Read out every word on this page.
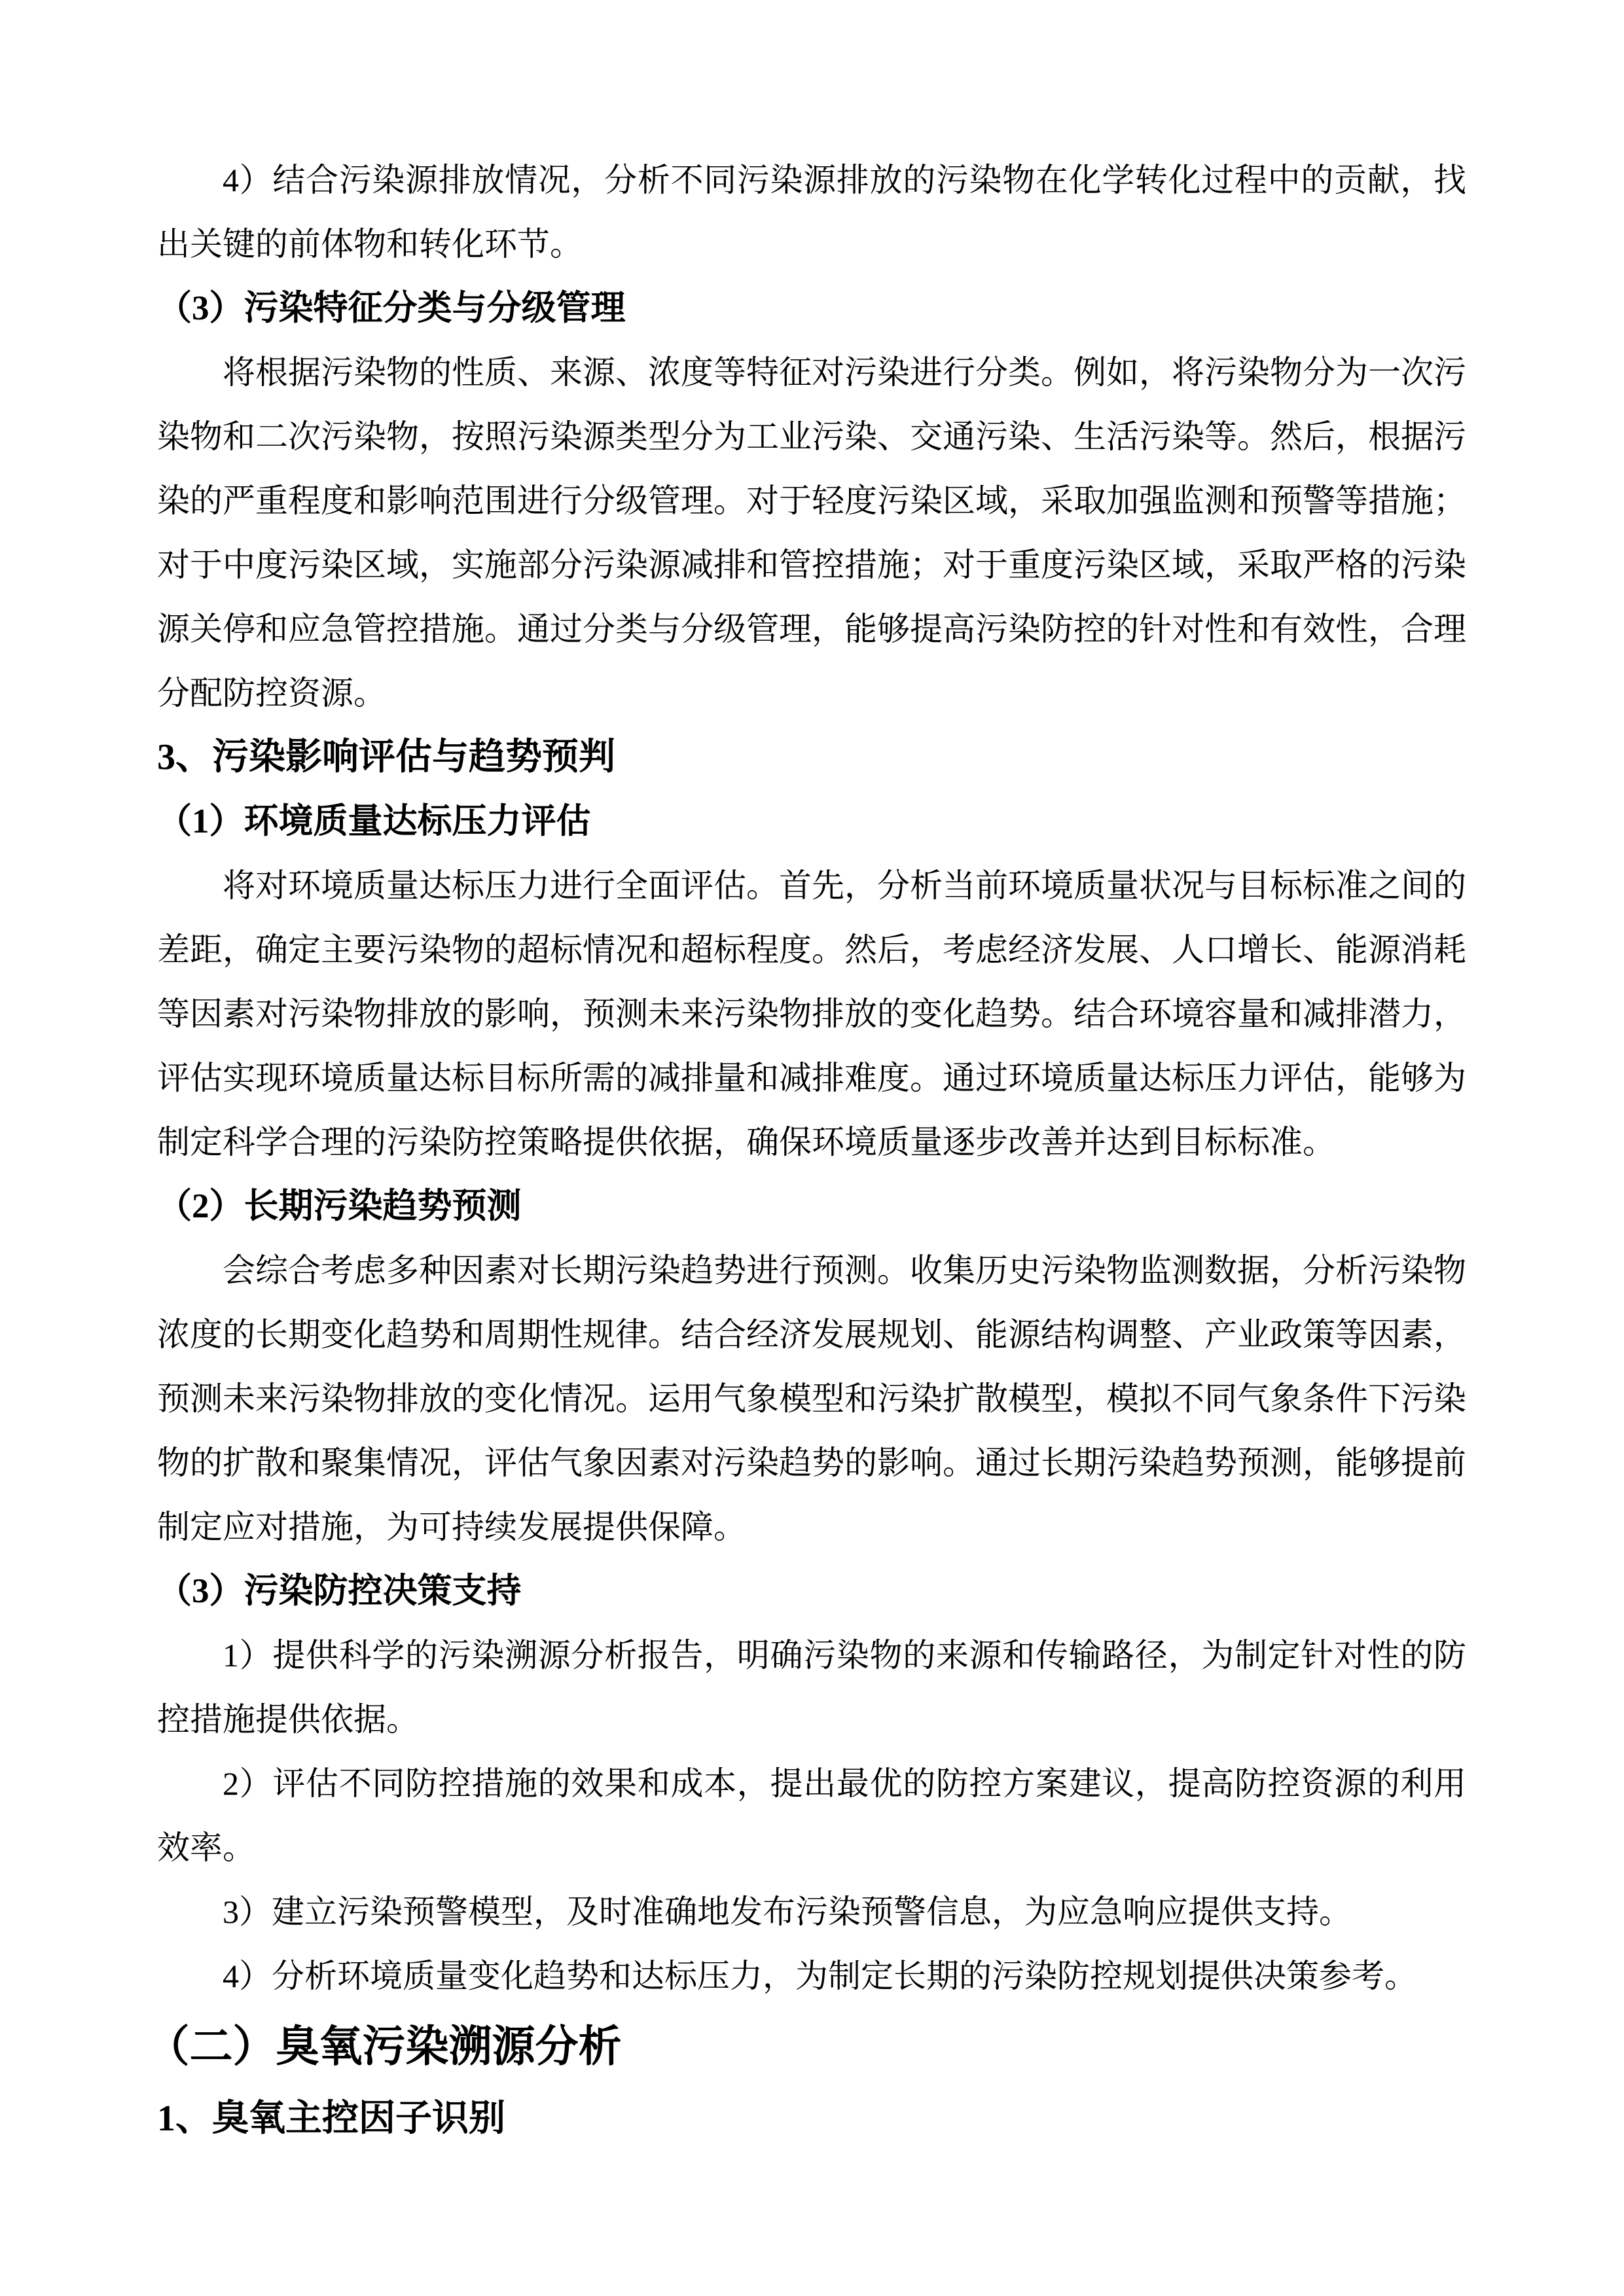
4）结合污染源排放情况，分析不同污染源排放的污染物在化学转化过程中的贡献，找出关键的前体物和转化环节。

（3）污染特征分类与分级管理

将根据污染物的性质、来源、浓度等特征对污染进行分类。例如，将污染物分为一次污染物和二次污染物，按照污染源类型分为工业污染、交通污染、生活污染等。然后，根据污染的严重程度和影响范围进行分级管理。对于轻度污染区域，采取加强监测和预警等措施；对于中度污染区域，实施部分污染源减排和管控措施；对于重度污染区域，采取严格的污染源关停和应急管控措施。通过分类与分级管理，能够提高污染防控的针对性和有效性，合理分配防控资源。

3、污染影响评估与趋势预判

（1）环境质量达标压力评估

将对环境质量达标压力进行全面评估。首先，分析当前环境质量状况与目标标准之间的差距，确定主要污染物的超标情况和超标程度。然后，考虑经济发展、人口增长、能源消耗等因素对污染物排放的影响，预测未来污染物排放的变化趋势。结合环境容量和减排潜力，评估实现环境质量达标目标所需的减排量和减排难度。通过环境质量达标压力评估，能够为制定科学合理的污染防控策略提供依据，确保环境质量逐步改善并达到目标标准。

（2）长期污染趋势预测

会综合考虑多种因素对长期污染趋势进行预测。收集历史污染物监测数据，分析污染物浓度的长期变化趋势和周期性规律。结合经济发展规划、能源结构调整、产业政策等因素，预测未来污染物排放的变化情况。运用气象模型和污染扩散模型，模拟不同气象条件下污染物的扩散和聚集情况，评估气象因素对污染趋势的影响。通过长期污染趋势预测，能够提前制定应对措施，为可持续发展提供保障。

（3）污染防控决策支持

1）提供科学的污染溯源分析报告，明确污染物的来源和传输路径，为制定针对性的防控措施提供依据。

2）评估不同防控措施的效果和成本，提出最优的防控方案建议，提高防控资源的利用效率。

3）建立污染预警模型，及时准确地发布污染预警信息，为应急响应提供支持。

4）分析环境质量变化趋势和达标压力，为制定长期的污染防控规划提供决策参考。

（二）臭氧污染溯源分析

1、臭氧主控因子识别
